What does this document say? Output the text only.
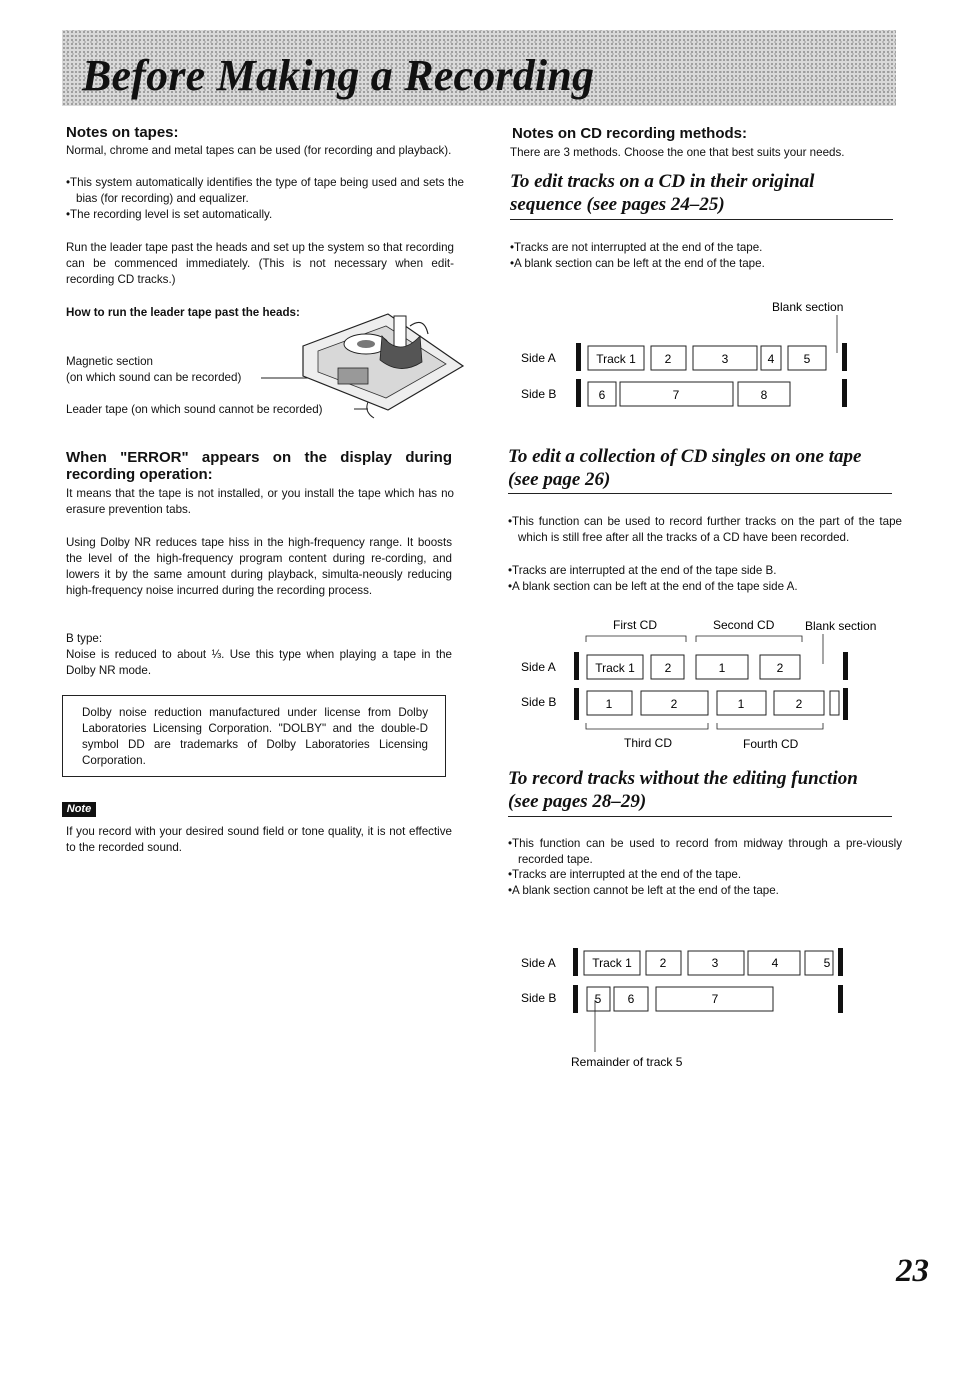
Before Making a Recording
Notes on tapes:
Normal, chrome and metal tapes can be used (for recording and playback).
•This system automatically identifies the type of tape being used and sets the bias (for recording) and equalizer.
•The recording level is set automatically.
Run the leader tape past the heads and set up the system so that recording can be commenced immediately. (This is not necessary when edit-recording CD tracks.)
How to run the leader tape past the heads:
Magnetic section
(on which sound can be recorded)
Leader tape (on which sound cannot be recorded)
When "ERROR" appears on the display during recording operation:
It means that the tape is not installed, or you install the tape which has no erasure prevention tabs.
Using Dolby NR reduces tape hiss in the high-frequency range. It boosts the level of the high-frequency program content during re-cording, and lowers it by the same amount during playback, simulta-neously reducing high-frequency noise incurred during the recording process.
B type:
Noise is reduced to about ⅓. Use this type when playing a tape in the Dolby NR mode.
Dolby noise reduction manufactured under license from Dolby Laboratories Licensing Corporation. "DOLBY" and the double-D symbol DD are trademarks of Dolby Laboratories Licensing Corporation.
Note
If you record with your desired sound field or tone quality, it is not effective to the recorded sound.
Notes on CD recording methods:
There are 3 methods. Choose the one that best suits your needs.
To edit tracks on a CD in their original sequence (see pages 24–25)
•Tracks are not interrupted at the end of the tape.
•A blank section can be left at the end of the tape.
To edit a collection of CD singles on one tape (see page 26)
•This function can be used to record further tracks on the part of the tape which is still free after all the tracks of a CD have been recorded.
•Tracks are interrupted at the end of the tape side B.
•A blank section can be left at the end of the tape side A.
To record tracks without the editing function (see pages 28–29)
•This function can be used to record from midway through a pre-viously recorded tape.
•Tracks are interrupted at the end of the tape.
•A blank section cannot be left at the end of the tape.
Blank section
Side A
Side B
Track 1 2	3	4 5
6	7	8
First CD	Second CD	Blank section
Side A
Side B
Track 1 2	1	2
1	2	1	2
Third CD	Fourth CD
Side A
Side B
Track 1 2	3	4	5
5 6	7
Remainder of track 5
23
